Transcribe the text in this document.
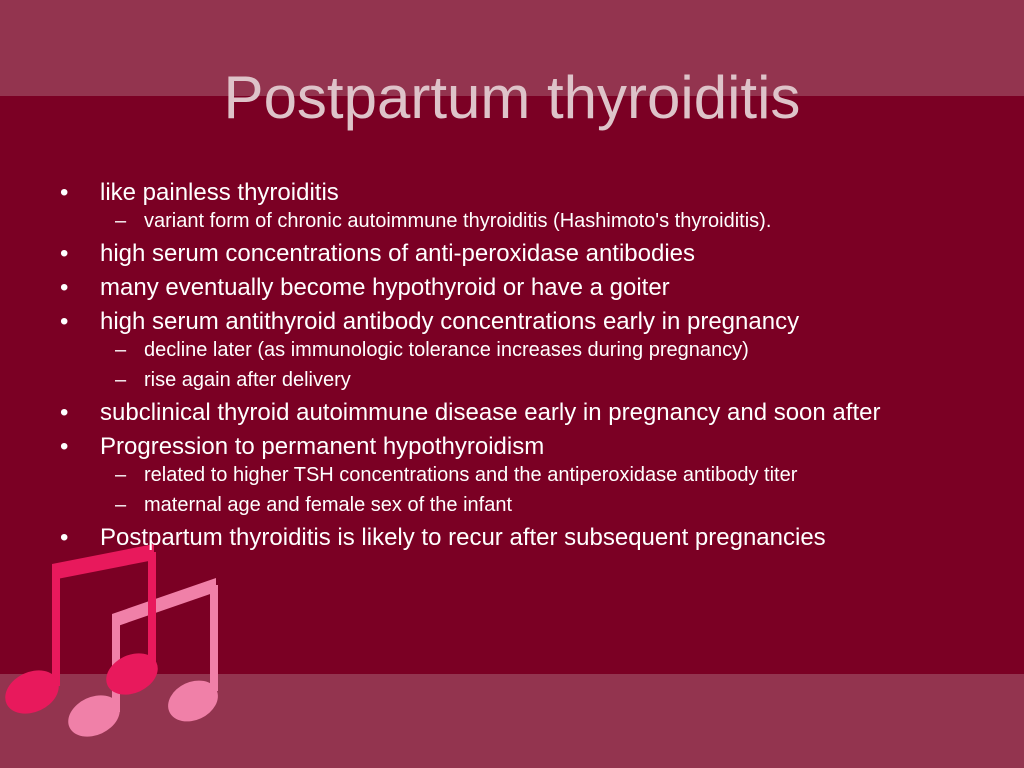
Postpartum thyroiditis
• like painless thyroiditis
– variant form of chronic autoimmune thyroiditis (Hashimoto's thyroiditis).
• high serum concentrations of anti-peroxidase antibodies
• many eventually become hypothyroid or have a goiter
• high serum antithyroid antibody concentrations early in pregnancy
– decline later (as immunologic tolerance increases during pregnancy)
– rise again after delivery
• subclinical thyroid autoimmune disease early in pregnancy and soon after
• Progression to permanent hypothyroidism
– related to higher TSH concentrations and the antiperoxidase antibody titer
– maternal age and female sex of the infant
• Postpartum thyroiditis is likely to recur after subsequent pregnancies
